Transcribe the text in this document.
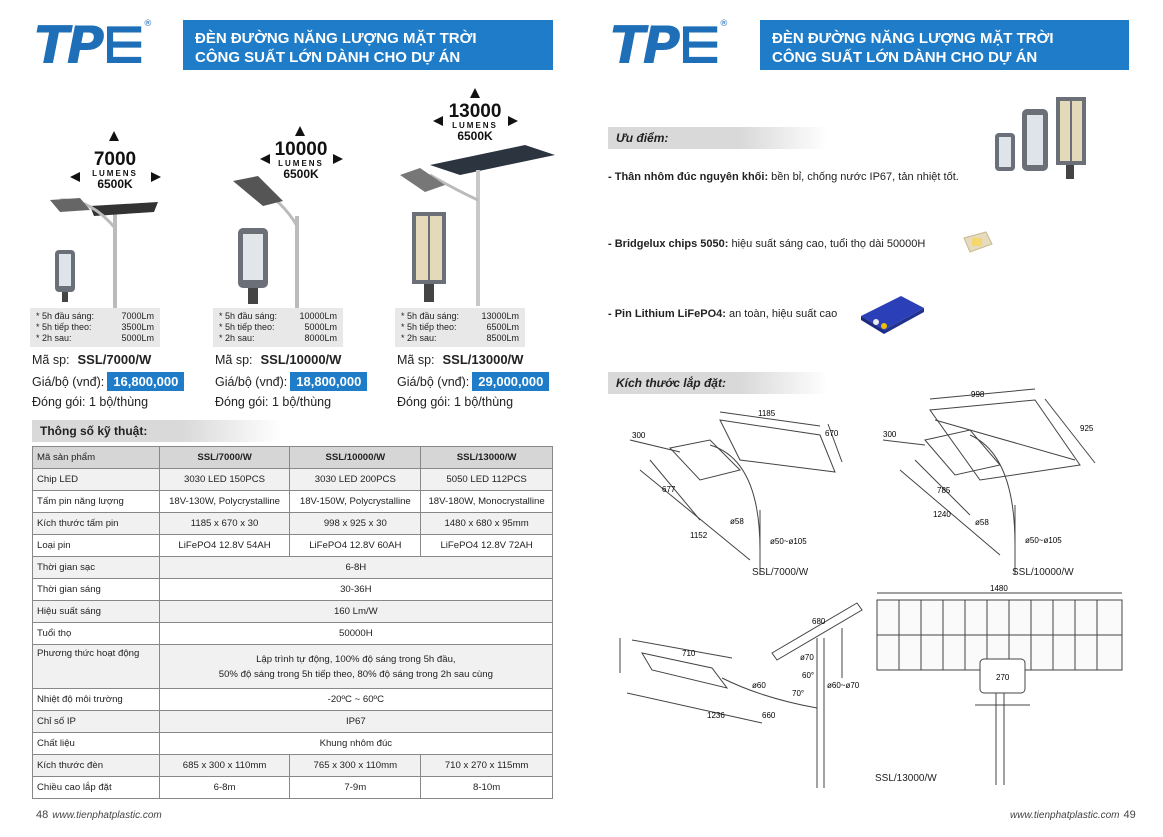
TP⋿®
ĐÈN ĐƯỜNG NĂNG LƯỢNG MẶT TRỜI
CÔNG SUẤT LỚN DÀNH CHO DỰ ÁN
7000
LUMENS
6500K
* 5h đầu sáng:	7000Lm
* 5h tiếp theo:	3500Lm
* 2h sau:	5000Lm
Mã sp: SSL/7000/W
Giá/bộ (vnđ): 16,800,000
Đóng gói: 1 bộ/thùng
10000
LUMENS
6500K
* 5h đầu sáng:	10000Lm
* 5h tiếp theo:	5000Lm
* 2h sau:	8000Lm
Mã sp: SSL/10000/W
Giá/bộ (vnđ): 18,800,000
Đóng gói: 1 bộ/thùng
13000
LUMENS
6500K
* 5h đầu sáng:	13000Lm
* 5h tiếp theo:	6500Lm
* 2h sau:	8500Lm
Mã sp: SSL/13000/W
Giá/bộ (vnđ): 29,000,000
Đóng gói: 1 bộ/thùng
Thông số kỹ thuật:
Mã sản phẩm	SSL/7000/W	SSL/10000/W	SSL/13000/W
Chip LED	3030 LED 150PCS	3030 LED 200PCS	5050 LED 112PCS
Tấm pin năng lượng	18V-130W, Polycrystalline	18V-150W, Polycrystalline	18V-180W, Monocrystalline
Kích thước tấm pin	1185 x 670 x 30	998 x 925 x 30	1480 x 680 x 95mm
Loại pin	LiFePO4 12.8V 54AH	LiFePO4 12.8V 60AH	LiFePO4 12.8V 72AH
Thời gian sạc	6-8H		
Thời gian sáng	30-36H		
Hiệu suất sáng	160 Lm/W		
Tuổi thọ	50000H		
Phương thức hoạt động	Lập trình tự động, 100% độ sáng trong 5h đầu,
50% độ sáng trong 5h tiếp theo, 80% độ sáng trong 2h sau cùng		

Nhiệt độ môi trường	-20ºC ~ 60ºC		
Chỉ số IP	IP67		
Chất liệu	Khung nhôm đúc		
Kích thước đèn	685 x 300 x 110mm	765 x 300 x 110mm	710 x 270 x 115mm
Chiều cao lắp đặt	6-8m	7-9m	8-10m
48 www.tienphatplastic.com
TP⋿®
ĐÈN ĐƯỜNG NĂNG LƯỢNG MẶT TRỜI
CÔNG SUẤT LỚN DÀNH CHO DỰ ÁN
Ưu điểm:
- Thân nhôm đúc nguyên khối: bền bỉ, chống nước IP67, tản nhiệt tốt.
- Bridgelux chips 5050: hiệu suất sáng cao, tuổi thọ dài 50000H
- Pin Lithium LiFePO4: an toàn, hiệu suất cao
Kích thước lắp đặt:
1185
670
300
677
1152
ø58
ø50~ø105
SSL/7000/W
998
925
300
785
1240
ø58
ø50~ø105
SSL/10000/W
710
680
1236	660
ø60
ø70
ø60~ø70
60°
70°
1480
270
SSL/13000/W
www.tienphatplastic.com 49
